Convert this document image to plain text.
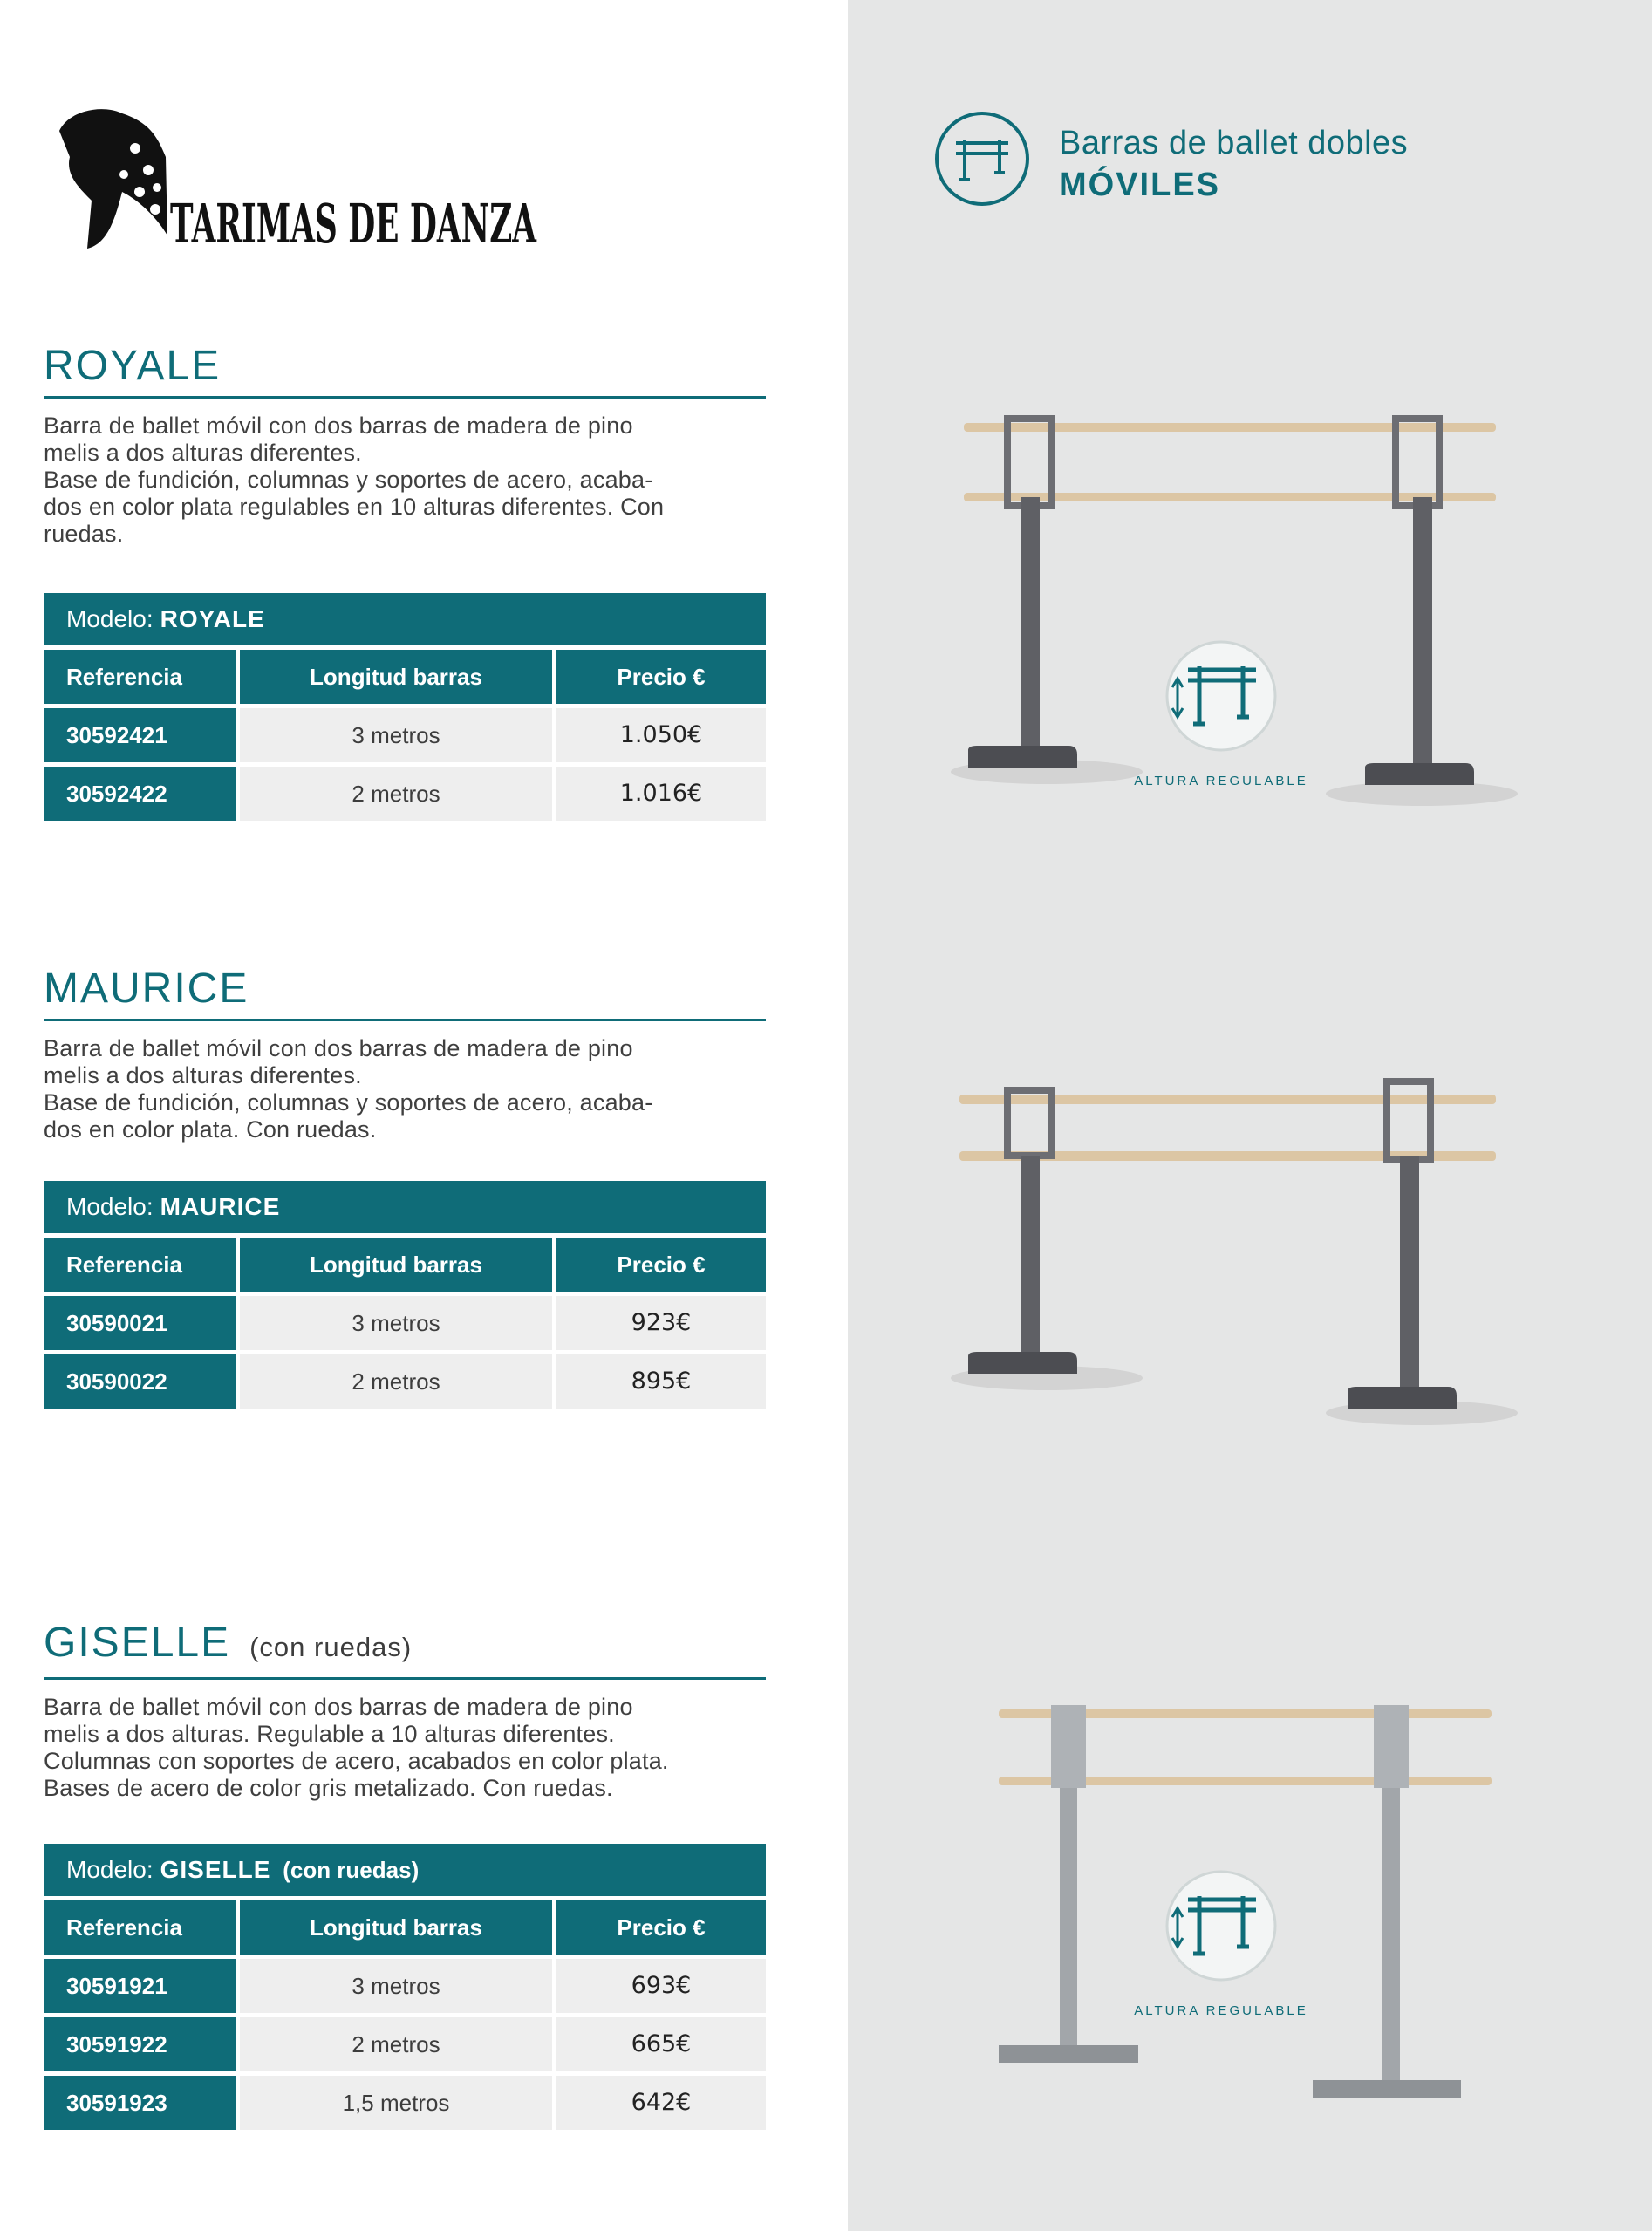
TARIMAS DE DANZA
Barras de ballet dobles
MÓVILES
ROYALE
Barra de ballet móvil con dos barras de madera de pino
melis a dos alturas diferentes.
Base de fundición, columnas y soportes de acero, acaba-
dos en color plata regulables en 10 alturas diferentes. Con
ruedas.
Modelo: ROYALE
Referencia	Longitud barras	Precio €
30592421	3 metros	1.050€
30592422	2 metros	1.016€
MAURICE
Barra de ballet móvil con dos barras de madera de pino
melis a dos alturas diferentes.
Base de fundición, columnas y soportes de acero, acaba-
dos en color plata. Con ruedas.
Modelo: MAURICE
Referencia	Longitud barras	Precio €
30590021	3 metros	923€
30590022	2 metros	895€
GISELLE (con ruedas)
Barra de ballet móvil con dos barras de madera de pino
melis a dos alturas. Regulable a 10 alturas diferentes.
Columnas con soportes de acero, acabados en color plata.
Bases de acero de color gris metalizado. Con ruedas.
Modelo: GISELLE (con ruedas)
Referencia	Longitud barras	Precio €
30591921	3 metros	693€
30591922	2 metros	665€
30591923	1,5 metros	642€
ALTURA REGULABLE
ALTURA REGULABLE
